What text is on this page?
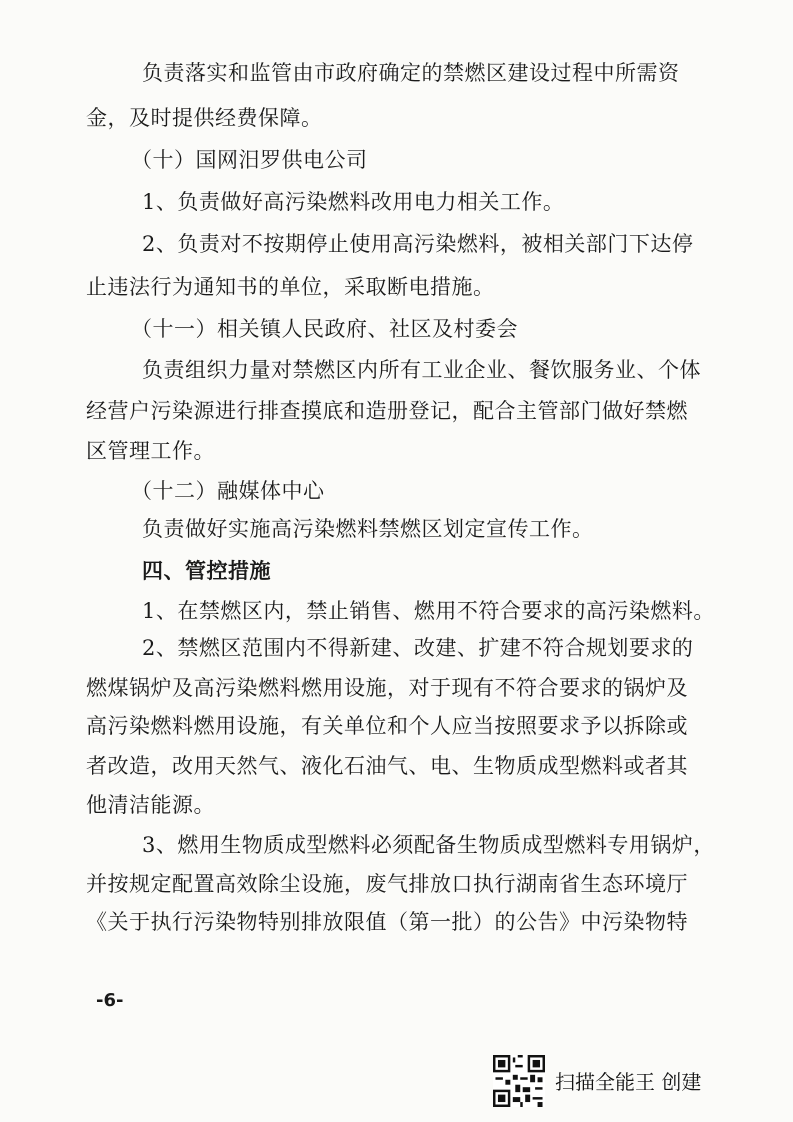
负责落实和监管由市政府确定的禁燃区建设过程中所需资
金，及时提供经费保障。
（十）国网汨罗供电公司
1、负责做好高污染燃料改用电力相关工作。
2、负责对不按期停止使用高污染燃料，被相关部门下达停
止违法行为通知书的单位，采取断电措施。
（十一）相关镇人民政府、社区及村委会
负责组织力量对禁燃区内所有工业企业、餐饮服务业、个体
经营户污染源进行排查摸底和造册登记，配合主管部门做好禁燃
区管理工作。
（十二）融媒体中心
负责做好实施高污染燃料禁燃区划定宣传工作。
四、管控措施
1、在禁燃区内，禁止销售、燃用不符合要求的高污染燃料。
2、禁燃区范围内不得新建、改建、扩建不符合规划要求的
燃煤锅炉及高污染燃料燃用设施，对于现有不符合要求的锅炉及
高污染燃料燃用设施，有关单位和个人应当按照要求予以拆除或
者改造，改用天然气、液化石油气、电、生物质成型燃料或者其
他清洁能源。
3、燃用生物质成型燃料必须配备生物质成型燃料专用锅炉，
并按规定配置高效除尘设施，废气排放口执行湖南省生态环境厅
《关于执行污染物特别排放限值（第一批）的公告》中污染物特
-6-
扫描全能王 创建
